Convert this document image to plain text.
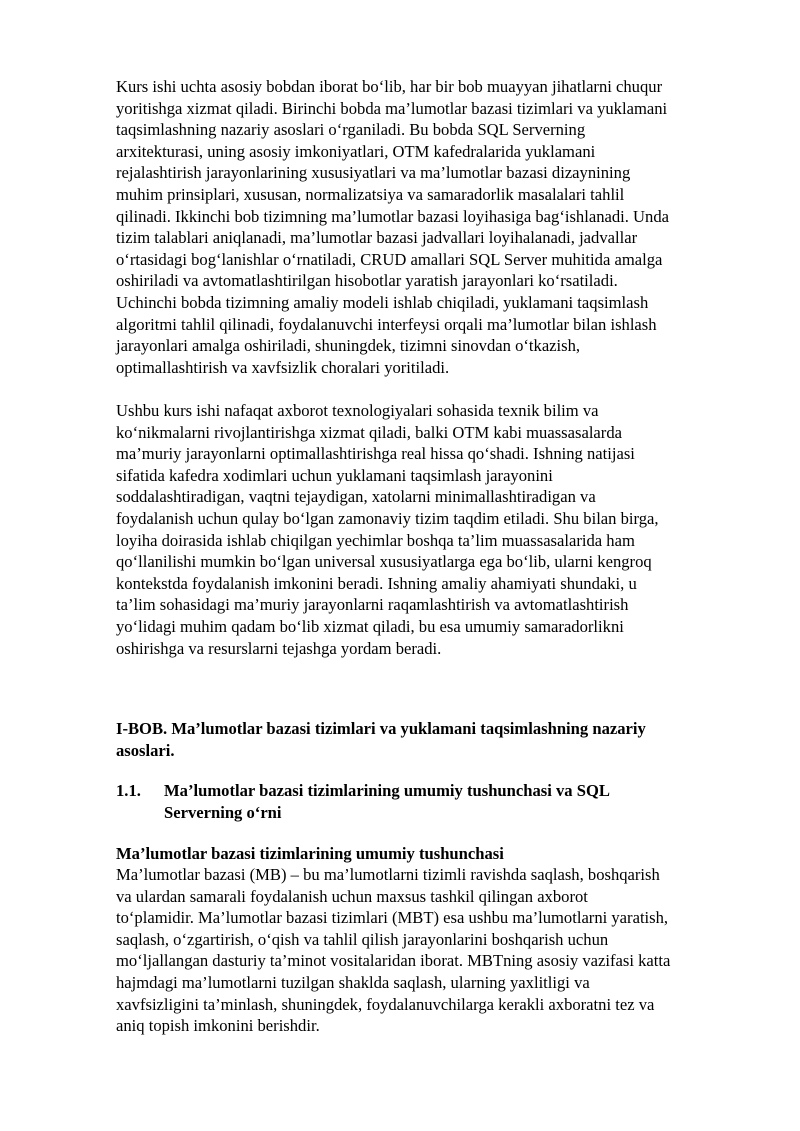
Kurs ishi uchta asosiy bobdan iborat bo‘lib, har bir bob muayyan jihatlarni chuqur
yoritishga xizmat qiladi. Birinchi bobda ma’lumotlar bazasi tizimlari va yuklamani
taqsimlashning nazariy asoslari o‘rganiladi. Bu bobda SQL Serverning
arxitekturasi, uning asosiy imkoniyatlari, OTM kafedralarida yuklamani
rejalashtirish jarayonlarining xususiyatlari va ma’lumotlar bazasi dizaynining
muhim prinsiplari, xususan, normalizatsiya va samaradorlik masalalari tahlil
qilinadi. Ikkinchi bob tizimning ma’lumotlar bazasi loyihasiga bag‘ishlanadi. Unda
tizim talablari aniqlanadi, ma’lumotlar bazasi jadvallari loyihalanadi, jadvallar
o‘rtasidagi bog‘lanishlar o‘rnatiladi, CRUD amallari SQL Server muhitida amalga
oshiriladi va avtomatlashtirilgan hisobotlar yaratish jarayonlari ko‘rsatiladi.
Uchinchi bobda tizimning amaliy modeli ishlab chiqiladi, yuklamani taqsimlash
algoritmi tahlil qilinadi, foydalanuvchi interfeysi orqali ma’lumotlar bilan ishlash
jarayonlari amalga oshiriladi, shuningdek, tizimni sinovdan o‘tkazish,
optimallashtirish va xavfsizlik choralari yoritiladi.
Ushbu kurs ishi nafaqat axborot texnologiyalari sohasida texnik bilim va
ko‘nikmalarni rivojlantirishga xizmat qiladi, balki OTM kabi muassasalarda
ma’muriy jarayonlarni optimallashtirishga real hissa qo‘shadi. Ishning natijasi
sifatida kafedra xodimlari uchun yuklamani taqsimlash jarayonini
soddalashtiradigan, vaqtni tejaydigan, xatolarni minimallashtiradigan va
foydalanish uchun qulay bo‘lgan zamonaviy tizim taqdim etiladi. Shu bilan birga,
loyiha doirasida ishlab chiqilgan yechimlar boshqa ta’lim muassasalarida ham
qo‘llanilishi mumkin bo‘lgan universal xususiyatlarga ega bo‘lib, ularni kengroq
kontekstda foydalanish imkonini beradi. Ishning amaliy ahamiyati shundaki, u
ta’lim sohasidagi ma’muriy jarayonlarni raqamlashtirish va avtomatlashtirish
yo‘lidagi muhim qadam bo‘lib xizmat qiladi, bu esa umumiy samaradorlikni
oshirishga va resurslarni tejashga yordam beradi.
I-BOB. Ma’lumotlar bazasi tizimlari va yuklamani taqsimlashning nazariy
asoslari.
1.1. Ma’lumotlar bazasi tizimlarining umumiy tushunchasi va SQL
Serverning o‘rni
Ma’lumotlar bazasi tizimlarining umumiy tushunchasi
Ma’lumotlar bazasi (MB) – bu ma’lumotlarni tizimli ravishda saqlash, boshqarish
va ulardan samarali foydalanish uchun maxsus tashkil qilingan axborot
to‘plamidir. Ma’lumotlar bazasi tizimlari (MBT) esa ushbu ma’lumotlarni yaratish,
saqlash, o‘zgartirish, o‘qish va tahlil qilish jarayonlarini boshqarish uchun
mo‘ljallangan dasturiy ta’minot vositalaridan iborat. MBTning asosiy vazifasi katta
hajmdagi ma’lumotlarni tuzilgan shaklda saqlash, ularning yaxlitligi va
xavfsizligini ta’minlash, shuningdek, foydalanuvchilarga kerakli axboratni tez va
aniq topish imkonini berishdir.
